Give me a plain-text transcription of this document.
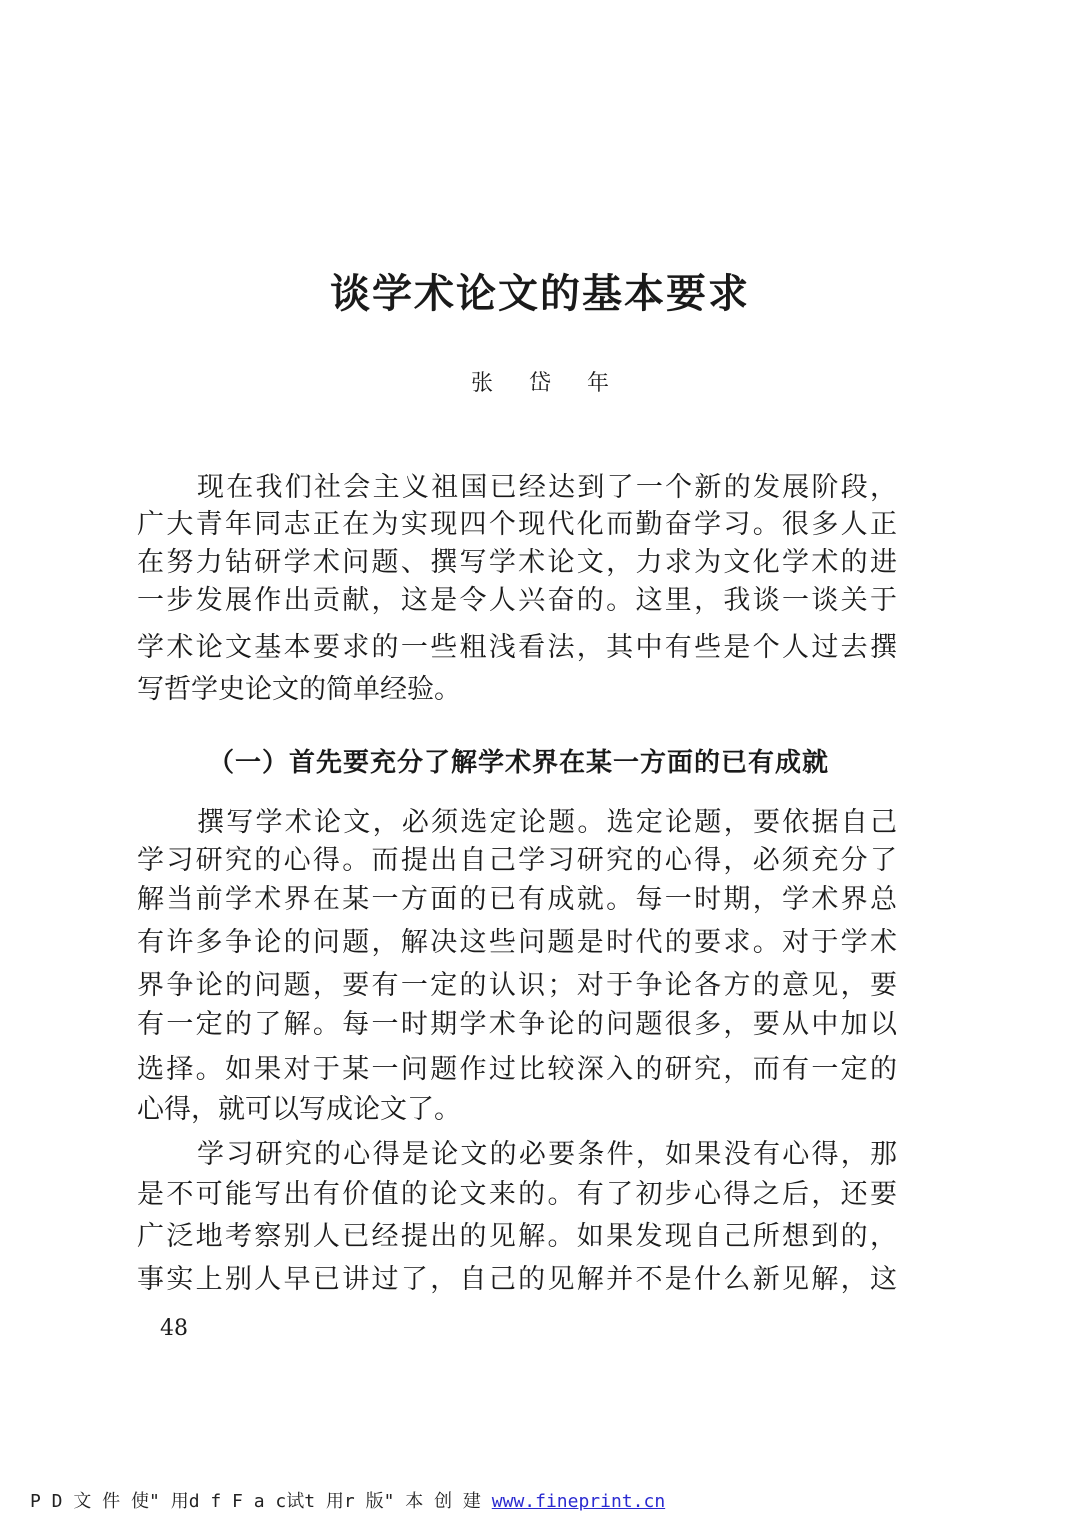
谈学术论文的基本要求

张岱年

现在我们社会主义祖国已经达到了一个新的发展阶段，

广大青年同志正在为实现四个现代化而勤奋学习。很多人正

在努力钻研学术问题、撰写学术论文，力求为文化学术的进

一步发展作出贡献，这是令人兴奋的。这里，我谈一谈关于

学术论文基本要求的一些粗浅看法，其中有些是个人过去撰

写哲学史论文的简单经验。

（一）首先要充分了解学术界在某一方面的已有成就

撰写学术论文，必须选定论题。选定论题，要依据自己

学习研究的心得。而提出自己学习研究的心得，必须充分了

解当前学术界在某一方面的已有成就。每一时期，学术界总

有许多争论的问题，解决这些问题是时代的要求。对于学术

界争论的问题，要有一定的认识；对于争论各方的意见，要

有一定的了解。每一时期学术争论的问题很多，要从中加以

选择。如果对于某一问题作过比较深入的研究，而有一定的

心得，就可以写成论文了。

学习研究的心得是论文的必要条件，如果没有心得，那

是不可能写出有价值的论文来的。有了初步心得之后，还要

广泛地考察别人已经提出的见解。如果发现自己所想到的，

事实上别人早已讲过了，自己的见解并不是什么新见解，这

48

P D 文 件 使" 用d f F a c试t 用r 版" 本 创 建 www.fineprint.cn
